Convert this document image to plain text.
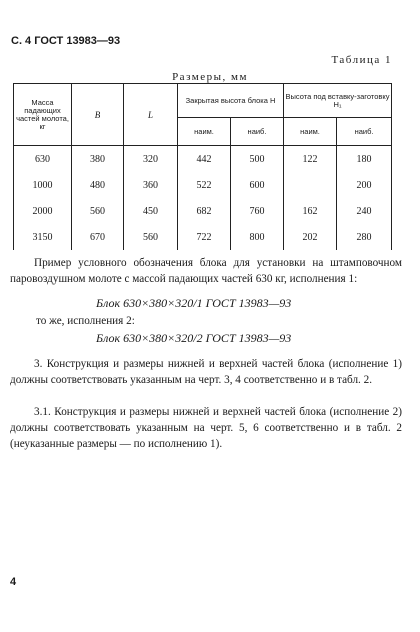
С. 4 ГОСТ 13983—93
Таблица 1
Размеры, мм
Масса падающих частей молота, кг	B	L	Закрытая высота блока H		Высота под вставку-заготовку H₁	
			наим.	наиб.	наим.	наиб.
630	380	320	442	500	122	180
1000	480	360	522	600		200
2000	560	450	682	760	162	240
3150	670	560	722	800	202	280
Пример условного обозначения блока для установки на штамповочном паровоздушном молоте с массой падающих частей 630 кг, исполнения 1:
Блок 630×380×320/1 ГОСТ 13983—93
то же, исполнения 2:
Блок 630×380×320/2 ГОСТ 13983—93
3. Конструкция и размеры нижней и верхней частей блока (исполнение 1) должны соответствовать указанным на черт. 3, 4 соответственно и в табл. 2.
3.1. Конструкция и размеры нижней и верхней частей блока (исполнение 2) должны соответствовать указанным на черт. 5, 6 соответственно и в табл. 2 (неуказанные размеры — по исполнению 1).
4
